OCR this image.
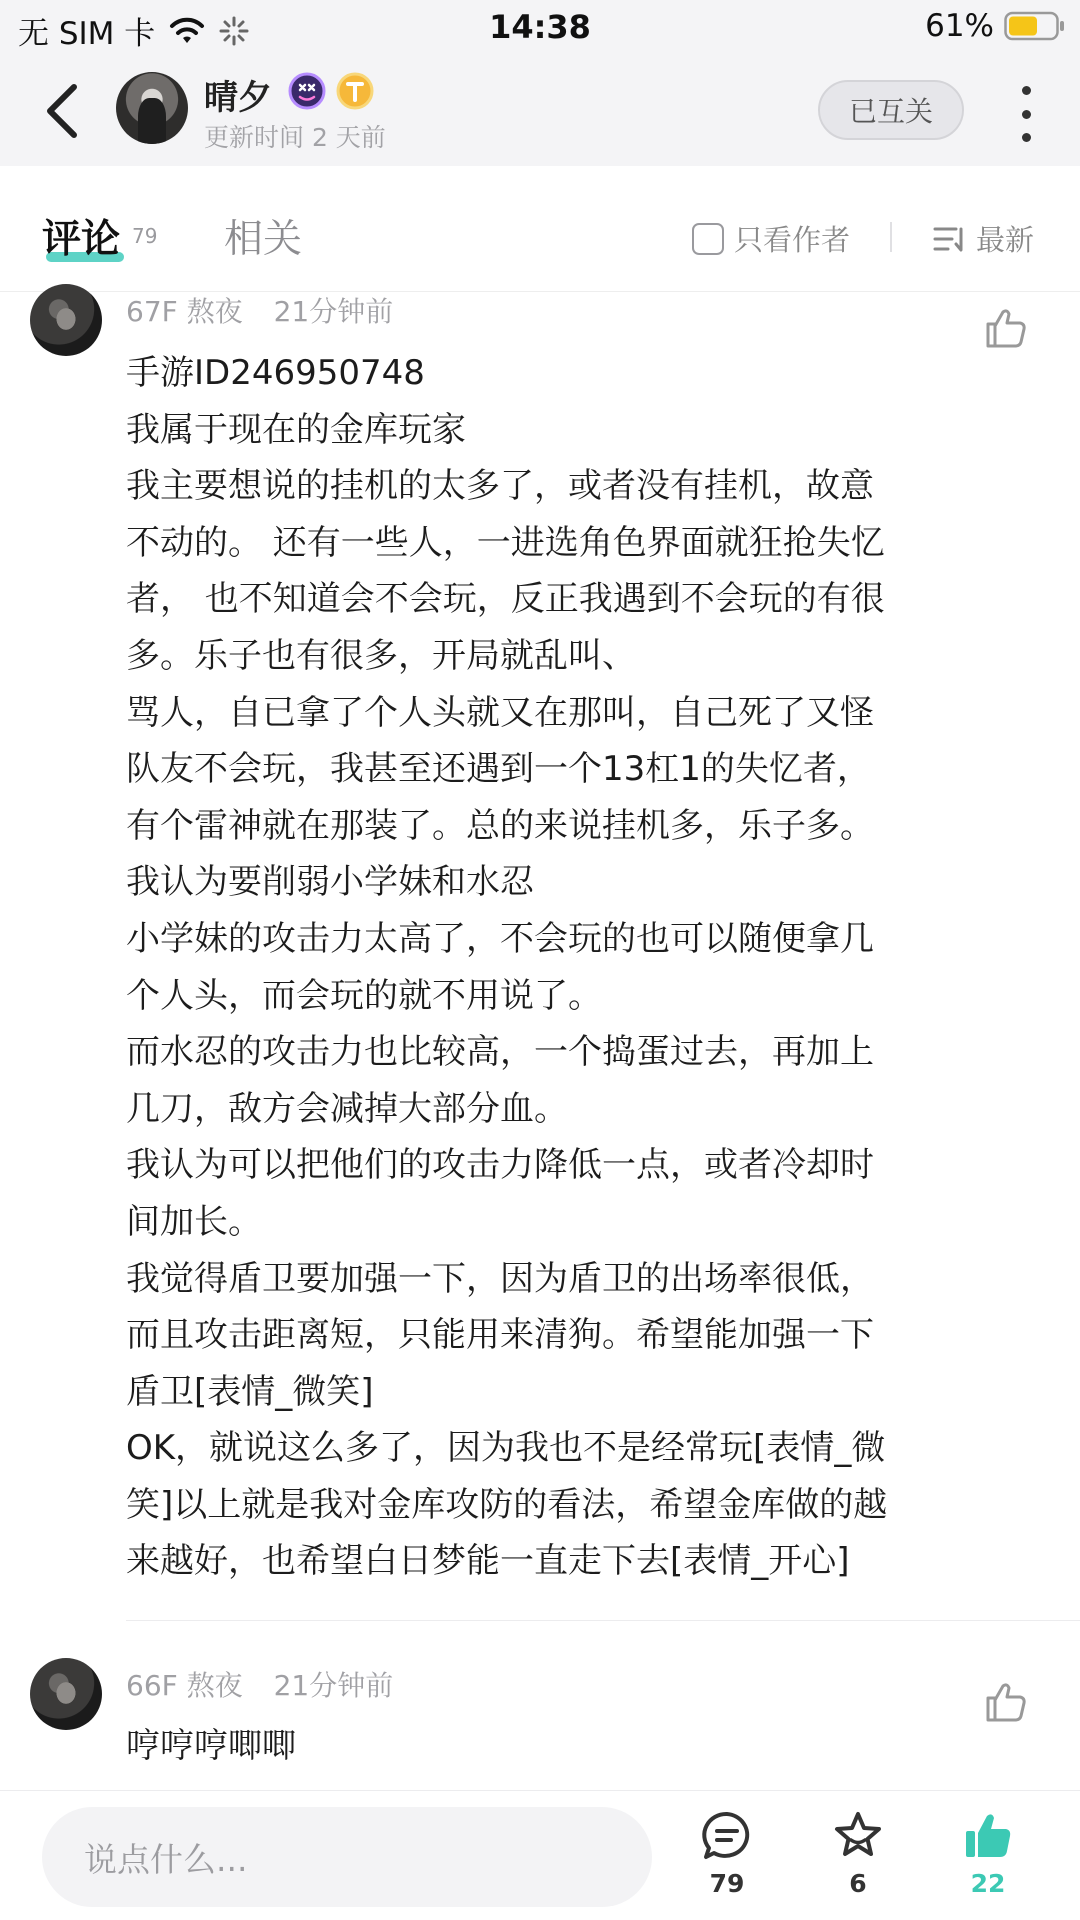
无 SIM 卡	14:38	61%
晴夕
更新时间 2 天前
已互关
评论 79 相关	只看作者	最新
67F 熬夜 21分钟前
手游ID246950748
我属于现在的金库玩家
我主要想说的挂机的太多了，或者没有挂机，故意
不动的。 还有一些人，一进选角色界面就狂抢失忆
者， 也不知道会不会玩，反正我遇到不会玩的有很
多。乐子也有很多，开局就乱叫、
骂人，自已拿了个人头就又在那叫，自己死了又怪
队友不会玩，我甚至还遇到一个13杠1的失忆者，
有个雷神就在那装了。总的来说挂机多，乐子多。
我认为要削弱小学妹和水忍
小学妹的攻击力太高了，不会玩的也可以随便拿几
个人头，而会玩的就不用说了。
而水忍的攻击力也比较高，一个捣蛋过去，再加上
几刀，敌方会减掉大部分血。
我认为可以把他们的攻击力降低一点，或者冷却时
间加长。
我觉得盾卫要加强一下，因为盾卫的出场率很低，
而且攻击距离短，只能用来清狗。希望能加强一下
盾卫[表情_微笑]
OK，就说这么多了，因为我也不是经常玩[表情_微
笑]以上就是我对金库攻防的看法，希望金库做的越
来越好，也希望白日梦能一直走下去[表情_开心]
66F 熬夜 21分钟前
哼哼哼唧唧
说点什么...
79	6	22
